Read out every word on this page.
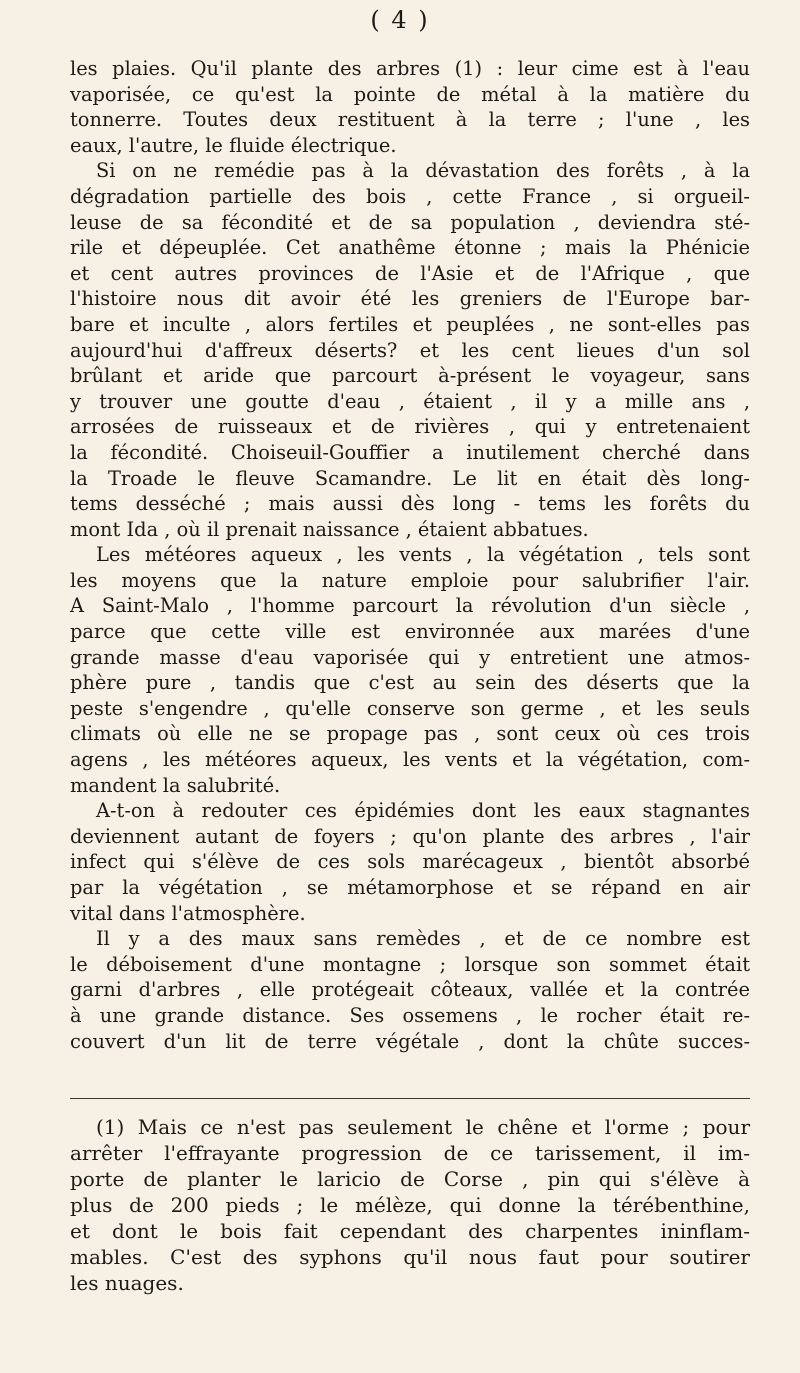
( 4 )
les plaies. Qu'il plante des arbres (1) : leur cime est à l'eau
vaporisée, ce qu'est la pointe de métal à la matière du
tonnerre. Toutes deux restituent à la terre ; l'une , les
eaux, l'autre, le fluide électrique.
Si on ne remédie pas à la dévastation des forêts , à la
dégradation partielle des bois , cette France , si orgueil-
leuse de sa fécondité et de sa population , deviendra sté-
rile et dépeuplée. Cet anathême étonne ; mais la Phénicie
et cent autres provinces de l'Asie et de l'Afrique , que
l'histoire nous dit avoir été les greniers de l'Europe bar-
bare et inculte , alors fertiles et peuplées , ne sont-elles pas
aujourd'hui d'affreux déserts? et les cent lieues d'un sol
brûlant et aride que parcourt à-présent le voyageur, sans
y trouver une goutte d'eau , étaient , il y a mille ans ,
arrosées de ruisseaux et de rivières , qui y entretenaient
la fécondité. Choiseuil-Gouffier a inutilement cherché dans
la Troade le fleuve Scamandre. Le lit en était dès long-
tems desséché ; mais aussi dès long - tems les forêts du
mont Ida , où il prenait naissance , étaient abbatues.
Les météores aqueux , les vents , la végétation , tels sont
les moyens que la nature emploie pour salubrifier l'air.
A Saint-Malo , l'homme parcourt la révolution d'un siècle ,
parce que cette ville est environnée aux marées d'une
grande masse d'eau vaporisée qui y entretient une atmos-
phère pure , tandis que c'est au sein des déserts que la
peste s'engendre , qu'elle conserve son germe , et les seuls
climats où elle ne se propage pas , sont ceux où ces trois
agens , les météores aqueux, les vents et la végétation, com-
mandent la salubrité.
A-t-on à redouter ces épidémies dont les eaux stagnantes
deviennent autant de foyers ; qu'on plante des arbres , l'air
infect qui s'élève de ces sols marécageux , bientôt absorbé
par la végétation , se métamorphose et se répand en air
vital dans l'atmosphère.
Il y a des maux sans remèdes , et de ce nombre est
le déboisement d'une montagne ; lorsque son sommet était
garni d'arbres , elle protégeait côteaux, vallée et la contrée
à une grande distance. Ses ossemens , le rocher était re-
couvert d'un lit de terre végétale , dont la chûte succes-
(1) Mais ce n'est pas seulement le chêne et l'orme ; pour
arrêter l'effrayante progression de ce tarissement, il im-
porte de planter le laricio de Corse , pin qui s'élève à
plus de 200 pieds ; le mélèze, qui donne la térébenthine,
et dont le bois fait cependant des charpentes ininflam-
mables. C'est des syphons qu'il nous faut pour soutirer
les nuages.
